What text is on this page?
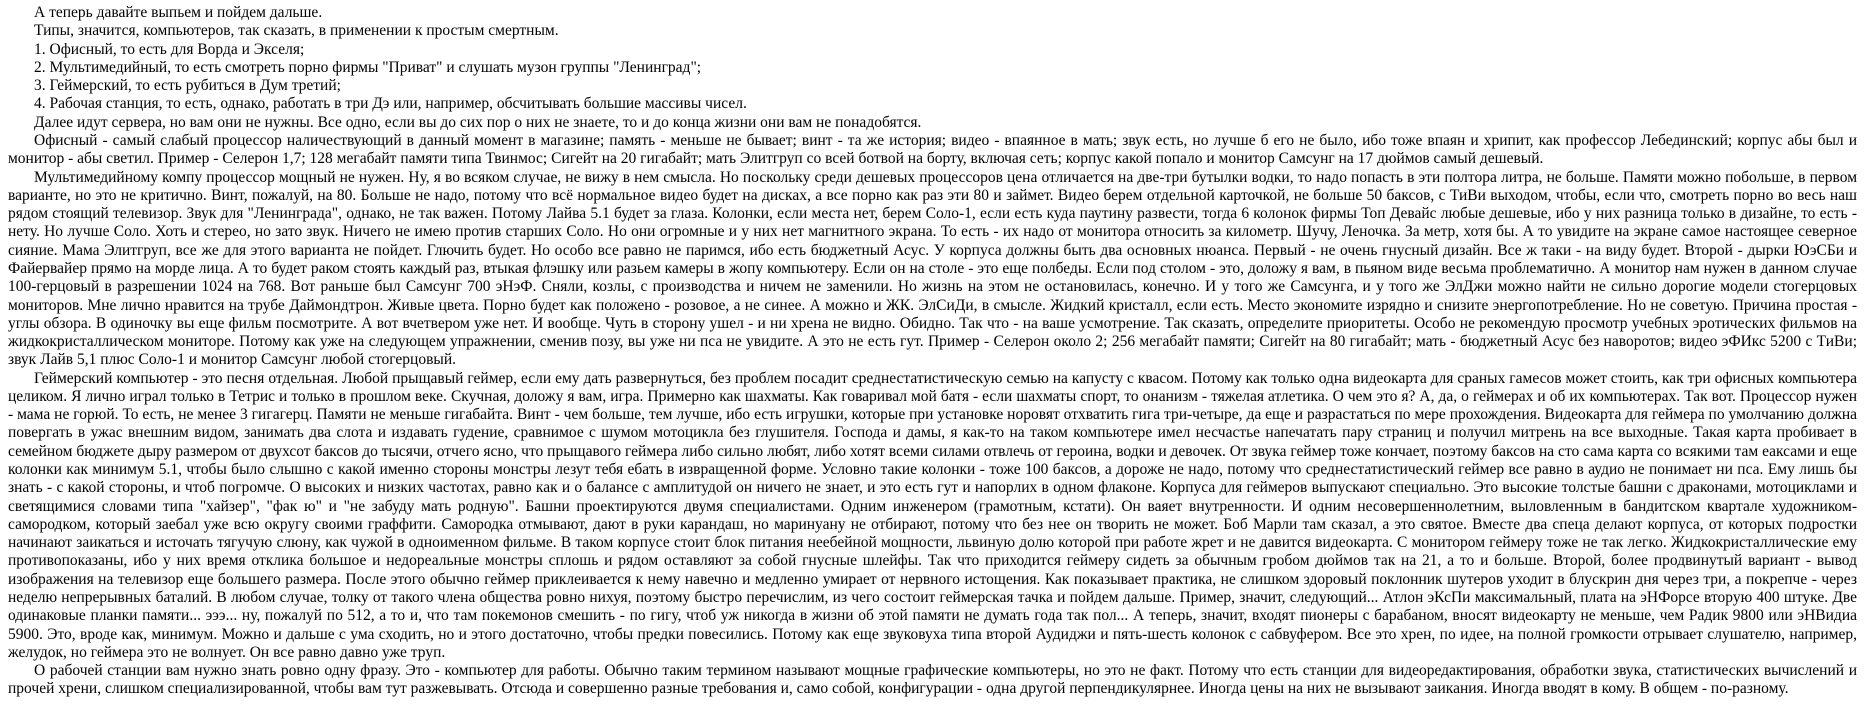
А теперь давайте выпьем и пойдем дальше.

Типы, значится, компьютеров, так сказать, в применении к простым смертным.

1. Офисный, то есть для Ворда и Экселя;

2. Мультимедийный, то есть смотреть порно фирмы "Приват" и слушать музон группы "Ленинград";

3. Геймерский, то есть рубиться в Дум третий;

4. Рабочая станция, то есть, однако, работать в три Дэ или, например, обсчитывать большие массивы чисел.

Далее идут сервера, но вам они не нужны. Все одно, если вы до сих пор о них не знаете, то и до конца жизни они вам не понадобятся.

Офисный - самый слабый процессор наличествующий в данный момент в магазине; память - меньше не бывает; винт - та же история; видео - впаянное в мать; звук есть, но лучше б его не было, ибо тоже впаян и хрипит, как профессор Лебединский; корпус абы был и монитор - абы светил. Пример - Селерон 1,7; 128 мегабайт памяти типа Твинмос; Сигейт на 20 гигабайт; мать Элитгруп со всей ботвой на борту, включая сеть; корпус какой попало и монитор Самсунг на 17 дюймов самый дешевый.

Мультимедийному компу процессор мощный не нужен. Ну, я во всяком случае, не вижу в нем смысла. Но поскольку среди дешевых процессоров цена отличается на две-три бутылки водки, то надо попасть в эти полтора литра, не больше. Памяти можно побольше, в первом варианте, но это не критично. Винт, пожалуй, на 80. Больше не надо, потому что всё нормальное видео будет на дисках, а все порно как раз эти 80 и займет. Видео берем отдельной карточкой, не больше 50 баксов, с ТиВи выходом, чтобы, если что, смотреть порно во весь наш рядом стоящий телевизор. Звук для "Ленинграда", однако, не так важен. Потому Лайва 5.1 будет за глаза. Колонки, если места нет, берем Соло-1, если есть куда паутину развести, тогда 6 колонок фирмы Топ Девайс любые дешевые, ибо у них разница только в дизайне, то есть - нету. Но лучше Соло. Хоть и стерео, но зато звук. Ничего не имею против старших Соло. Но они огромные и у них нет магнитного экрана. То есть - их надо от монитора относить за километр. Шучу, Леночка. За метр, хотя бы. А то увидите на экране самое настоящее северное сияние. Мама Элитгруп, все же для этого варианта не пойдет. Глючить будет. Но особо все равно не паримся, ибо есть бюджетный Асус. У корпуса должны быть два основных нюанса. Первый - не очень гнусный дизайн. Все ж таки - на виду будет. Второй - дырки ЮэСБи и Файервайер прямо на морде лица. А то будет раком стоять каждый раз, втыкая флэшку или разьем камеры в жопу компьютеру. Если он на столе - это еще полбеды. Если под столом - это, доложу я вам, в пьяном виде весьма проблематично. А монитор нам нужен в данном случае 100-герцовый в разрешении 1024 на 768. Вот раньше был Самсунг 700 эНэФ. Сняли, козлы, с производства и ничем не заменили. Но жизнь на этом не остановилась, конечно. И у того же Самсунга, и у того же ЭлДжи можно найти не сильно дорогие модели стогерцовых мониторов. Мне лично нравится на трубе Даймондтрон. Живые цвета. Порно будет как положено - розовое, а не синее. А можно и ЖК. ЭлСиДи, в смысле. Жидкий кристалл, если есть. Место экономите изрядно и снизите энергопотребление. Но не советую. Причина простая - углы обзора. В одиночку вы еще фильм посмотрите. А вот вчетвером уже нет. И вообще. Чуть в сторону ушел - и ни хрена не видно. Обидно. Так что - на ваше усмотрение. Так сказать, определите приоритеты. Особо не рекомендую просмотр учебных эротических фильмов на жидкокристаллическом мониторе. Потому как уже на следующем упражнении, сменив позу, вы уже ни пса не увидите. А это не есть гут. Пример - Селерон около 2; 256 мегабайт памяти; Сигейт на 80 гигабайт; мать - бюджетный Асус без наворотов; видео эФИкс 5200 с ТиВи; звук Лайв 5,1 плюс Соло-1 и монитор Самсунг любой стогерцовый.

Геймерский компьютер - это песня отдельная. Любой прыщавый геймер, если ему дать развернуться, без проблем посадит среднестатистическую семью на капусту с квасом. Потому как только одна видеокарта для сраных гамесов может стоить, как три офисных компьютера целиком. Я лично играл только в Тетрис и только в прошлом веке. Скучная, доложу я вам, игра. Примерно как шахматы. Как говаривал мой батя - если шахматы спорт, то онанизм - тяжелая атлетика. О чем это я? А, да, о геймерах и об их компьютерах. Так вот. Процессор нужен - мама не горюй. То есть, не менее 3 гигагерц. Памяти не меньше гигабайта. Винт - чем больше, тем лучше, ибо есть игрушки, которые при установке норовят отхватить гига три-четыре, да еще и разрастаться по мере прохождения. Видеокарта для геймера по умолчанию должна повергать в ужас внешним видом, занимать два слота и издавать гудение, сравнимое с шумом мотоцикла без глушителя. Господа и дамы, я как-то на таком компьютере имел несчастье напечатать пару страниц и получил митрень на все выходные. Такая карта пробивает в семейном бюджете дыру размером от двухсот баксов до тысячи, отчего ясно, что прыщавого геймера либо сильно любят, либо хотят всеми силами отвлечь от героина, водки и девочек. От звука геймер тоже кончает, поэтому баксов на сто сама карта со всякими там еаксами и еще колонки как минимум 5.1, чтобы было слышно с какой именно стороны монстры лезут тебя ебать в извращенной форме. Условно такие колонки - тоже 100 баксов, а дороже не надо, потому что среднестатистический геймер все равно в аудио не понимает ни пса. Ему лишь бы знать - с какой стороны, и чтоб погромче. О высоких и низких частотах, равно как и о балансе с амплитудой он ничего не знает, и это есть гут и напорлих в одном флаконе. Корпуса для геймеров выпускают специально. Это высокие толстые башни с драконами, мотоциклами и светящимися словами типа "хайзер", "фак ю" и "не забуду мать родную". Башни проектируются двумя специалистами. Одним инженером (грамотным, кстати). Он ваяет внутренности. И одним несовершеннолетним, выловленным в бандитском квартале художником-самородком, который заебал уже всю округу своими граффити. Самородка отмывают, дают в руки карандаш, но маринуану не отбирают, потому что без нее он творить не может. Боб Марли там сказал, а это святое. Вместе два спеца делают корпуса, от которых подростки начинают заикаться и источать тягучую слюну, как чужой в одноименном фильме. В таком корпусе стоит блок питания неебейной мощности, львиную долю которой при работе жрет и не давится видеокарта. С монитором геймеру тоже не так легко. Жидкокристаллические ему противопоказаны, ибо у них время отклика большое и недореальные монстры сплошь и рядом оставляют за собой гнусные шлейфы. Так что приходится геймеру сидеть за обычным гробом дюймов так на 21, а то и больше. Второй, более продвинутый вариант - вывод изображения на телевизор еще большего размера. После этого обычно геймер приклеивается к нему навечно и медленно умирает от нервного истощения. Как показывает практика, не слишком здоровый поклонник шутеров уходит в блускрин дня через три, а покрепче - через неделю непрерывных баталий. В любом случае, толку от такого члена общества ровно нихуя, поэтому быстро перечислим, из чего состоит геймерская тачка и пойдем дальше. Пример, значит, следующий... Атлон эКсПи максимальный, плата на эНФорсе вторую 400 штуке. Две одинаковые планки памяти... эээ... ну, пожалуй по 512, а то и, что там покемонов смешить - по гигу, чтоб уж никогда в жизни об этой памяти не думать года так пол... А теперь, значит, входят пионеры с барабаном, вносят видеокарту не меньше, чем Радик 9800 или эНВидиа 5900. Это, вроде как, минимум. Можно и дальше с ума сходить, но и этого достаточно, чтобы предки повесились. Потому как еще звуковуха типа второй Аудиджи и пять-шесть колонок с сабвуфером. Все это хрен, по идее, на полной громкости отрывает слушателю, например, желудок, но геймера это не волнует. Он все равно давно уже труп.

О рабочей станции вам нужно знать ровно одну фразу. Это - компьютер для работы. Обычно таким термином называют мощные графические компьютеры, но это не факт. Потому что есть станции для видеоредактирования, обработки звука, статистических вычислений и прочей хрени, слишком специализированной, чтобы вам тут разжевывать. Отсюда и совершенно разные требования и, само собой, конфигурации - одна другой перпендикулярнее. Иногда цены на них не вызывают заикания. Иногда вводят в кому. В общем - по-разному.
